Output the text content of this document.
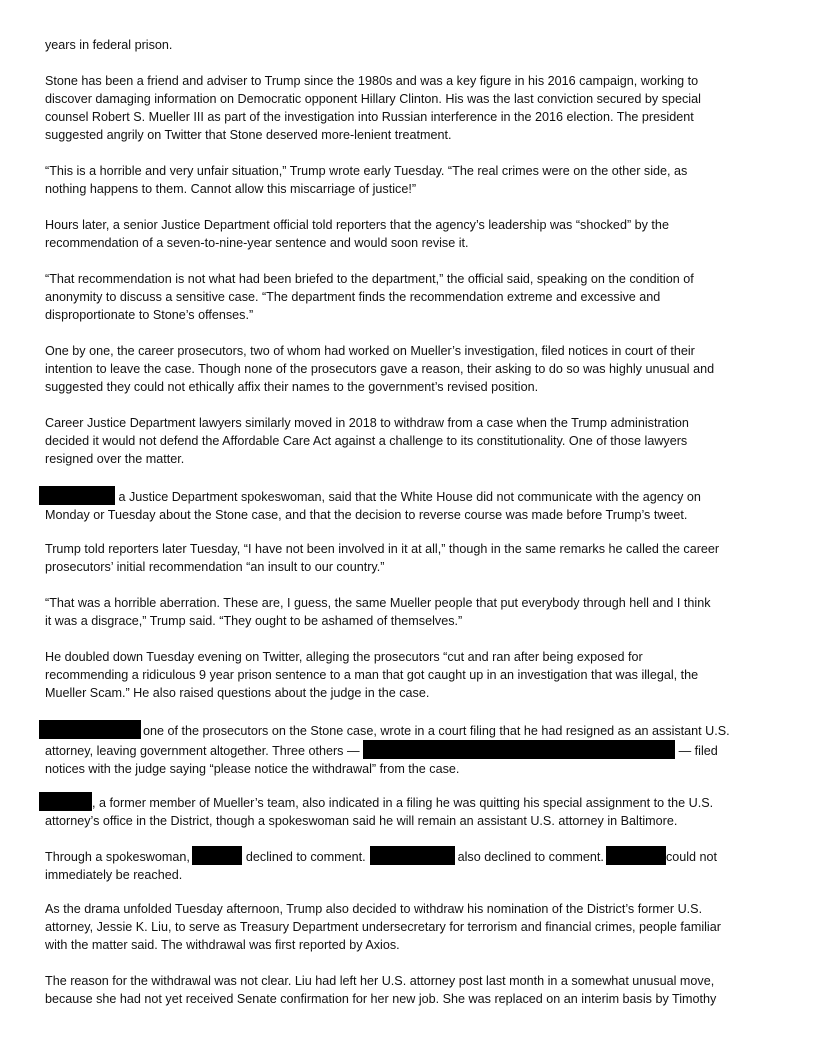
years in federal prison.
Stone has been a friend and adviser to Trump since the 1980s and was a key figure in his 2016 campaign, working to
discover damaging information on Democratic opponent Hillary Clinton. His was the last conviction secured by special
counsel Robert S. Mueller III as part of the investigation into Russian interference in the 2016 election. The president
suggested angrily on Twitter that Stone deserved more-lenient treatment.
“This is a horrible and very unfair situation,” Trump wrote early Tuesday. “The real crimes were on the other side, as
nothing happens to them. Cannot allow this miscarriage of justice!”
Hours later, a senior Justice Department official told reporters that the agency’s leadership was “shocked” by the
recommendation of a seven-to-nine-year sentence and would soon revise it.
“That recommendation is not what had been briefed to the department,” the official said, speaking on the condition of
anonymity to discuss a sensitive case. “The department finds the recommendation extreme and excessive and
disproportionate to Stone’s offenses.”
One by one, the career prosecutors, two of whom had worked on Mueller’s investigation, filed notices in court of their
intention to leave the case. Though none of the prosecutors gave a reason, their asking to do so was highly unusual and
suggested they could not ethically affix their names to the government’s revised position.
Career Justice Department lawyers similarly moved in 2018 to withdraw from a case when the Trump administration
decided it would not defend the Affordable Care Act against a challenge to its constitutionality. One of those lawyers
resigned over the matter.
a Justice Department spokeswoman, said that the White House did not communicate with the agency on
Monday or Tuesday about the Stone case, and that the decision to reverse course was made before Trump’s tweet.
Trump told reporters later Tuesday, “I have not been involved in it at all,” though in the same remarks he called the career
prosecutors’ initial recommendation “an insult to our country.”
“That was a horrible aberration. These are, I guess, the same Mueller people that put everybody through hell and I think
it was a disgrace,” Trump said. “They ought to be ashamed of themselves.”
He doubled down Tuesday evening on Twitter, alleging the prosecutors “cut and ran after being exposed for
recommending a ridiculous 9 year prison sentence to a man that got caught up in an investigation that was illegal, the
Mueller Scam.” He also raised questions about the judge in the case.
one of the prosecutors on the Stone case, wrote in a court filing that he had resigned as an assistant U.S.
attorney, leaving government altogether. Three others —	— filed
notices with the judge saying “please notice the withdrawal” from the case.
, a former member of Mueller’s team, also indicated in a filing he was quitting his special assignment to the U.S.
attorney’s office in the District, though a spokeswoman said he will remain an assistant U.S. attorney in Baltimore.
Through a spokeswoman,	declined to comment.	also declined to comment.	could not
immediately be reached.
As the drama unfolded Tuesday afternoon, Trump also decided to withdraw his nomination of the District’s former U.S.
attorney, Jessie K. Liu, to serve as Treasury Department undersecretary for terrorism and financial crimes, people familiar
with the matter said. The withdrawal was first reported by Axios.
The reason for the withdrawal was not clear. Liu had left her U.S. attorney post last month in a somewhat unusual move,
because she had not yet received Senate confirmation for her new job. She was replaced on an interim basis by Timothy
